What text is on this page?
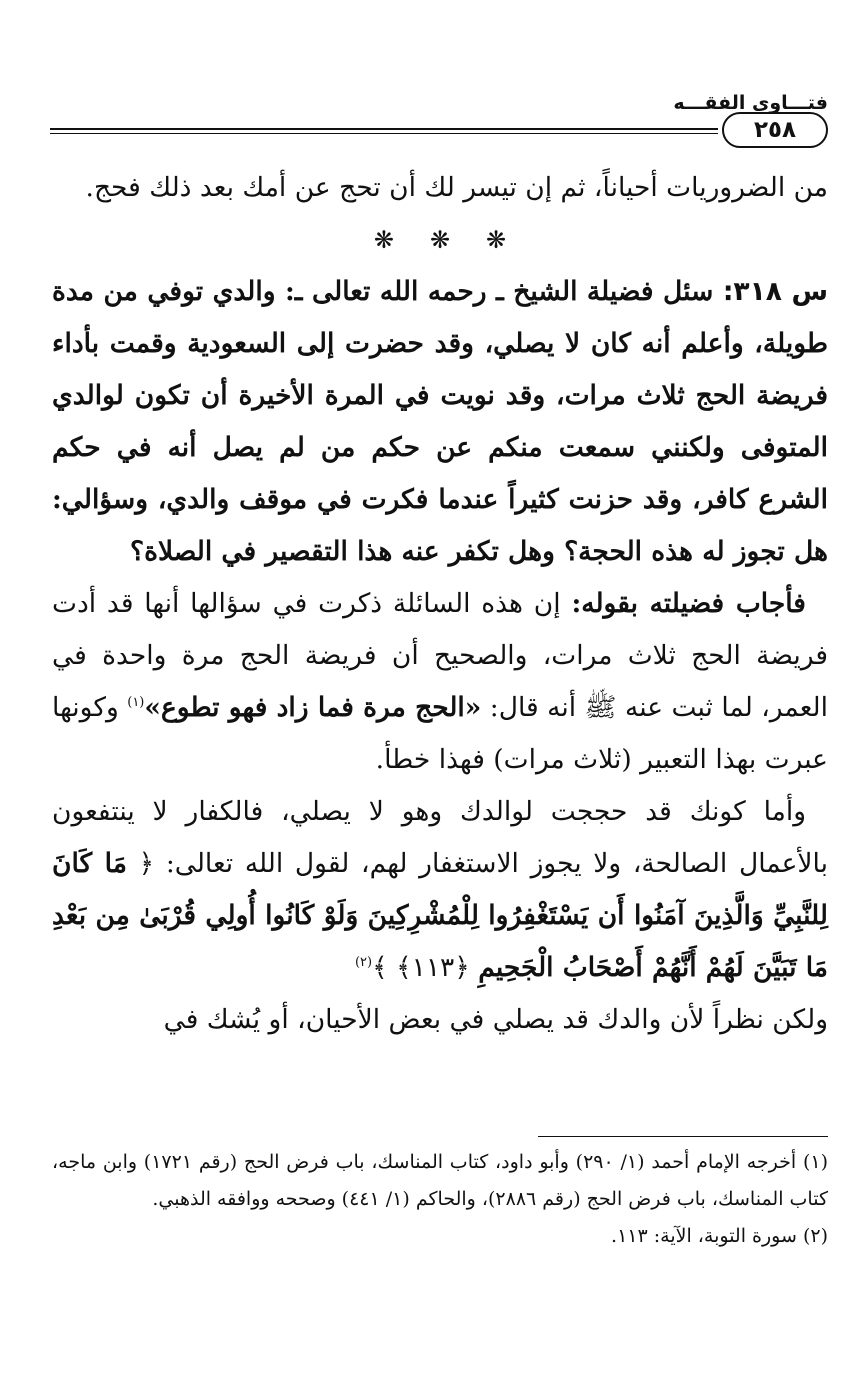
فتـــاوى الفقـــه
٢٥٨

من الضروريات أحياناً، ثم إن تيسر لك أن تحج عن أمك بعد ذلك فحج.

❋❋❋

س ٣١٨: سئل فضيلة الشيخ ـ رحمه الله تعالى ـ: والدي توفي من مدة طويلة، وأعلم أنه كان لا يصلي، وقد حضرت إلى السعودية وقمت بأداء فريضة الحج ثلاث مرات، وقد نويت في المرة الأخيرة أن تكون لوالدي المتوفى ولكنني سمعت منكم عن حكم من لم يصل أنه في حكم الشرع كافر، وقد حزنت كثيراً عندما فكرت في موقف والدي، وسؤالي: هل تجوز له هذه الحجة؟ وهل تكفر عنه هذا التقصير في الصلاة؟

فأجاب فضيلته بقوله: إن هذه السائلة ذكرت في سؤالها أنها قد أدت فريضة الحج ثلاث مرات، والصحيح أن فريضة الحج مرة واحدة في العمر، لما ثبت عنه ﷺ أنه قال: «الحج مرة فما زاد فهو تطوع»$^{(١)}$ وكونها عبرت بهذا التعبير (ثلاث مرات) فهذا خطأ.

وأما كونك قد حججت لوالدك وهو لا يصلي، فالكفار لا ينتفعون بالأعمال الصالحة، ولا يجوز الاستغفار لهم، لقول الله تعالى: ﴿ مَا كَانَ لِلنَّبِيِّ وَالَّذِينَ آمَنُوا أَن يَسْتَغْفِرُوا لِلْمُشْرِكِينَ وَلَوْ كَانُوا أُولِي قُرْبَىٰ مِن بَعْدِ مَا تَبَيَّنَ لَهُمْ أَنَّهُمْ أَصْحَابُ الْجَحِيمِ ﴿١١٣﴾ ﴾$^{(٢)}$

ولكن نظراً لأن والدك قد يصلي في بعض الأحيان، أو يُشك في

(١) أخرجه الإمام أحمد (١/ ٢٩٠) وأبو داود، كتاب المناسك، باب فرض الحج (رقم ١٧٢١) وابن ماجه، كتاب المناسك، باب فرض الحج (رقم ٢٨٨٦)، والحاكم (١/ ٤٤١) وصححه ووافقه الذهبي.

(٢) سورة التوبة، الآية: ١١٣.
